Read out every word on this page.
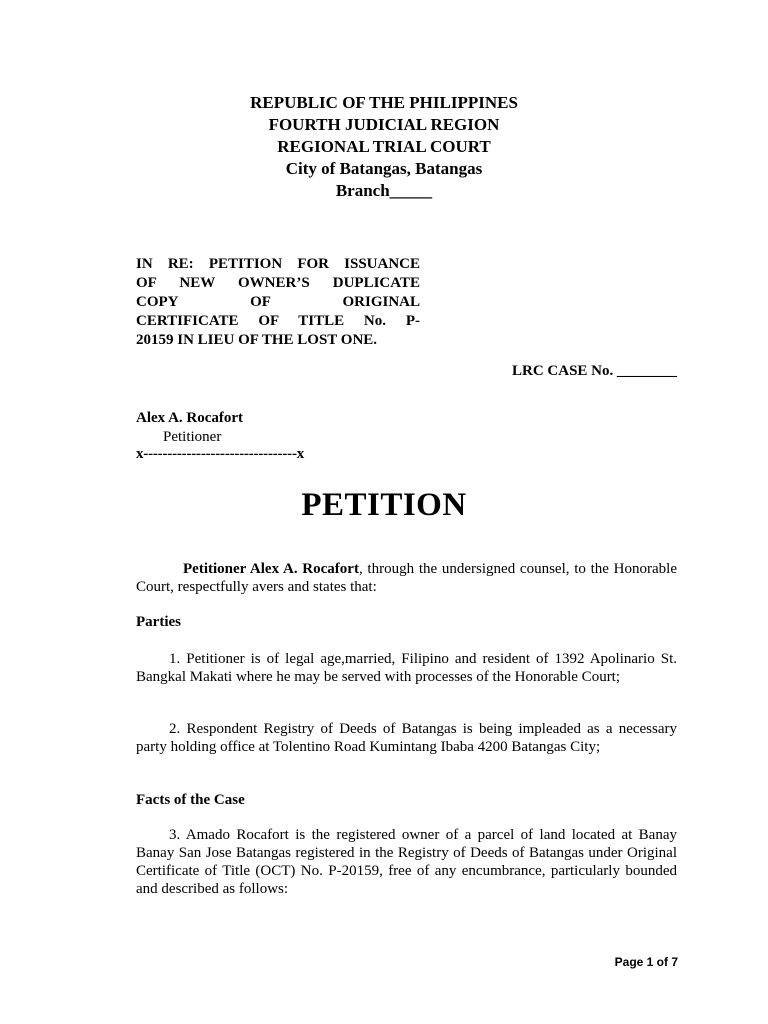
REPUBLIC OF THE PHILIPPINES
FOURTH JUDICIAL REGION
REGIONAL TRIAL COURT
City of Batangas, Batangas
Branch_____
IN RE: PETITION FOR ISSUANCE
OF NEW OWNER’S DUPLICATE
COPY OF ORIGINAL
CERTIFICATE OF TITLE No. P-
20159 IN LIEU OF THE LOST ONE.
LRC CASE No. ________
Alex A. Rocafort
Petitioner
x--------------------------------x
PETITION
Petitioner Alex A. Rocafort, through the undersigned counsel, to the Honorable Court, respectfully avers and states that:
Parties
1. Petitioner is of legal age,married, Filipino and resident of 1392 Apolinario St. Bangkal Makati where he may be served with processes of the Honorable Court;
2. Respondent Registry of Deeds of Batangas is being impleaded as a necessary party holding office at Tolentino Road Kumintang Ibaba 4200 Batangas City;
Facts of the Case
3. Amado Rocafort is the registered owner of a parcel of land located at Banay Banay San Jose Batangas registered in the Registry of Deeds of Batangas under Original Certificate of Title (OCT) No. P-20159, free of any encumbrance, particularly bounded and described as follows:
Page 1 of 7
